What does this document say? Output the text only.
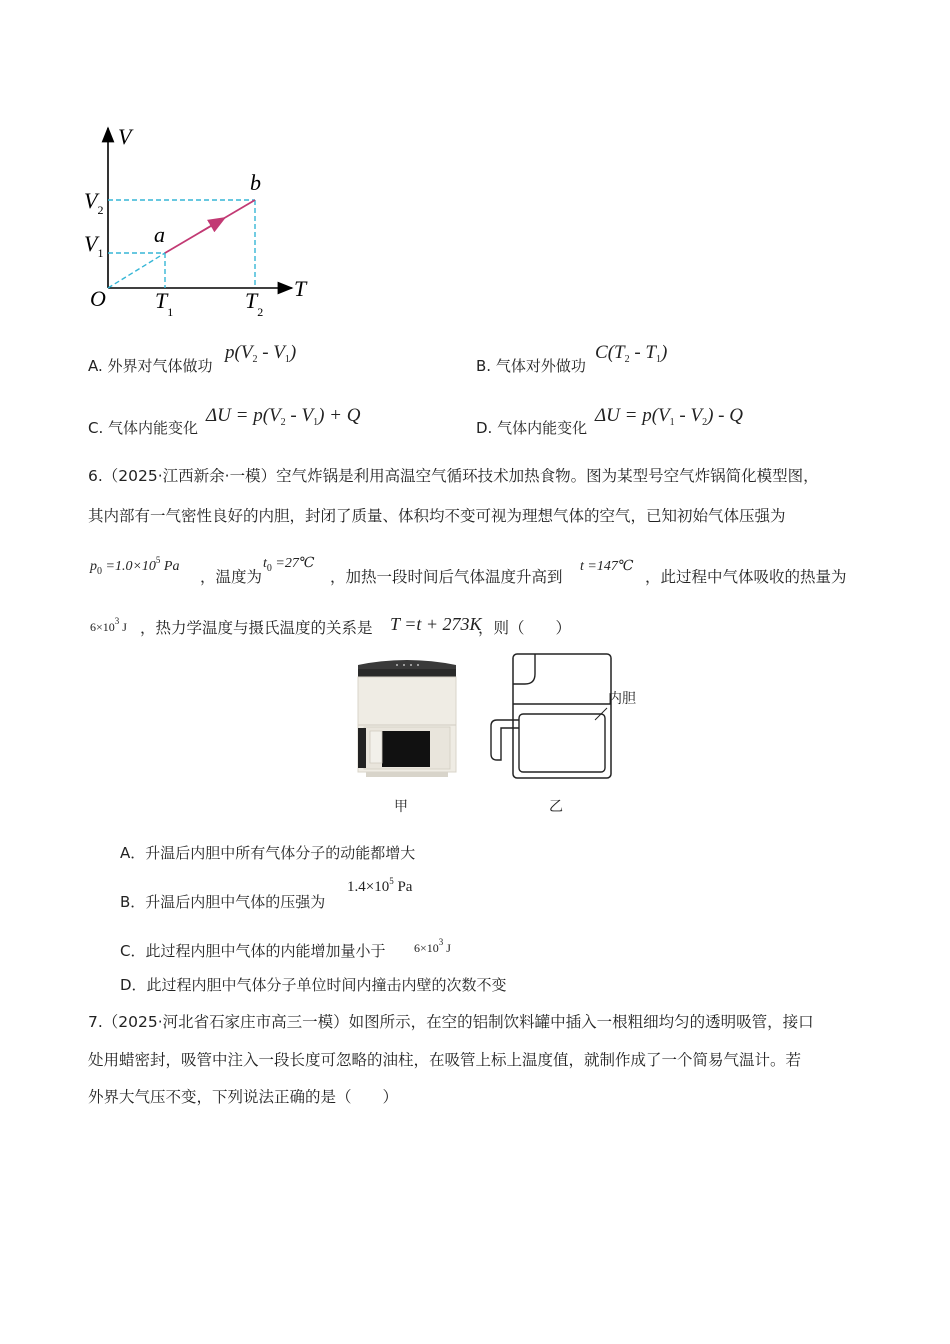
V
T
O
$V_2$
$V_1$
$T_1$	$T_2$
a
b
A. 外界对气体做功
$p(V_2 - V_1)$
B. 气体对外做功
$C(T_2 - T_1)$
C. 气体内能变化
$\Delta U = p(V_2 - V_1) + Q$
D. 气体内能变化
$\Delta U = p(V_1 - V_2) - Q$
6.（2025·江西新余·一模）空气炸锅是利用高温空气循环技术加热食物。图为某型号空气炸锅简化模型图，
其内部有一气密性良好的内胆，封闭了质量、体积均不变可视为理想气体的空气，已知初始气体压强为
$p_0 =1.0\times 10^5$ Pa
，温度为
$t_0$ =27℃
，加热一段时间后气体温度升高到
t =147℃
，此过程中气体吸收的热量为
$6\times 10^3$ J ，热力学温度与摄氏温度的关系是 T =t + 273K
，则（　　）
内胆
甲	乙
A．升温后内胆中所有气体分子的动能都增大
B．升温后内胆中气体的压强为
$1.4\times 10^5$ Pa
C．此过程内胆中气体的内能增加量小于 $6\times 10^3$ J
D．此过程内胆中气体分子单位时间内撞击内壁的次数不变
7.（2025·河北省石家庄市高三一模）如图所示，在空的铝制饮料罐中插入一根粗细均匀的透明吸管，接口
处用蜡密封，吸管中注入一段长度可忽略的油柱，在吸管上标上温度值，就制作成了一个简易气温计。若
外界大气压不变，下列说法正确的是（　　）
